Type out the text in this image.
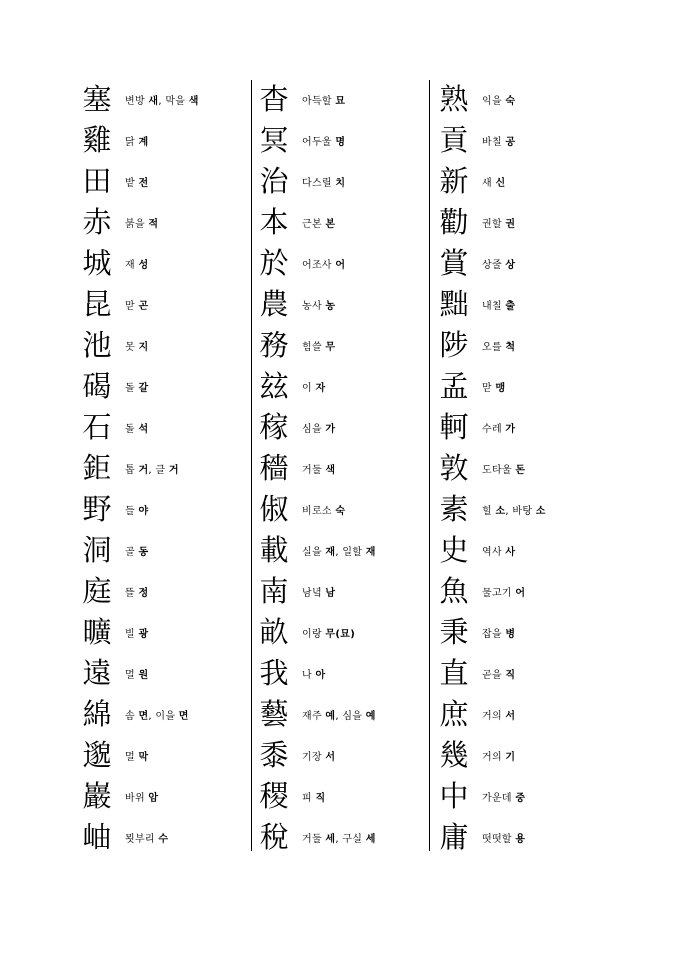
塞	변방 새, 막을 색
雞	닭 계
田	밭 전
赤	붉을 적
城	재 성
昆	맏 곤
池	못 지
碣	돌 갈
石	돌 석
鉅	톱 거, 클 거
野	들 야
洞	골 동
庭	뜰 정
曠	빌 광
遠	멀 원
綿	솜 면, 이을 면
邈	멀 막
巖	바위 암
岫	묏부리 수
杳	아득할 묘
冥	어두울 명
治	다스릴 치
本	근본 본
於	어조사 어
農	농사 농
務	힘쓸 무
玆	이 자
稼	심을 가
穡	거둘 색
俶	비로소 숙
載	실을 재, 일할 재
南	남녘 남
畝	이랑 무(묘)
我	나 아
藝	재주 예, 심을 예
黍	기장 서
稷	피 직
稅	거둘 세, 구실 세
熟	익을 숙
貢	바칠 공
新	새 신
勸	권할 권
賞	상줄 상
黜	내칠 출
陟	오를 척
孟	맏 맹
軻	수레 가
敦	도타울 돈
素	힐 소, 바탕 소
史	역사 사
魚	물고기 어
秉	잡을 병
直	곧을 직
庶	거의 서
幾	거의 기
中	가운데 중
庸	떳떳할 용
